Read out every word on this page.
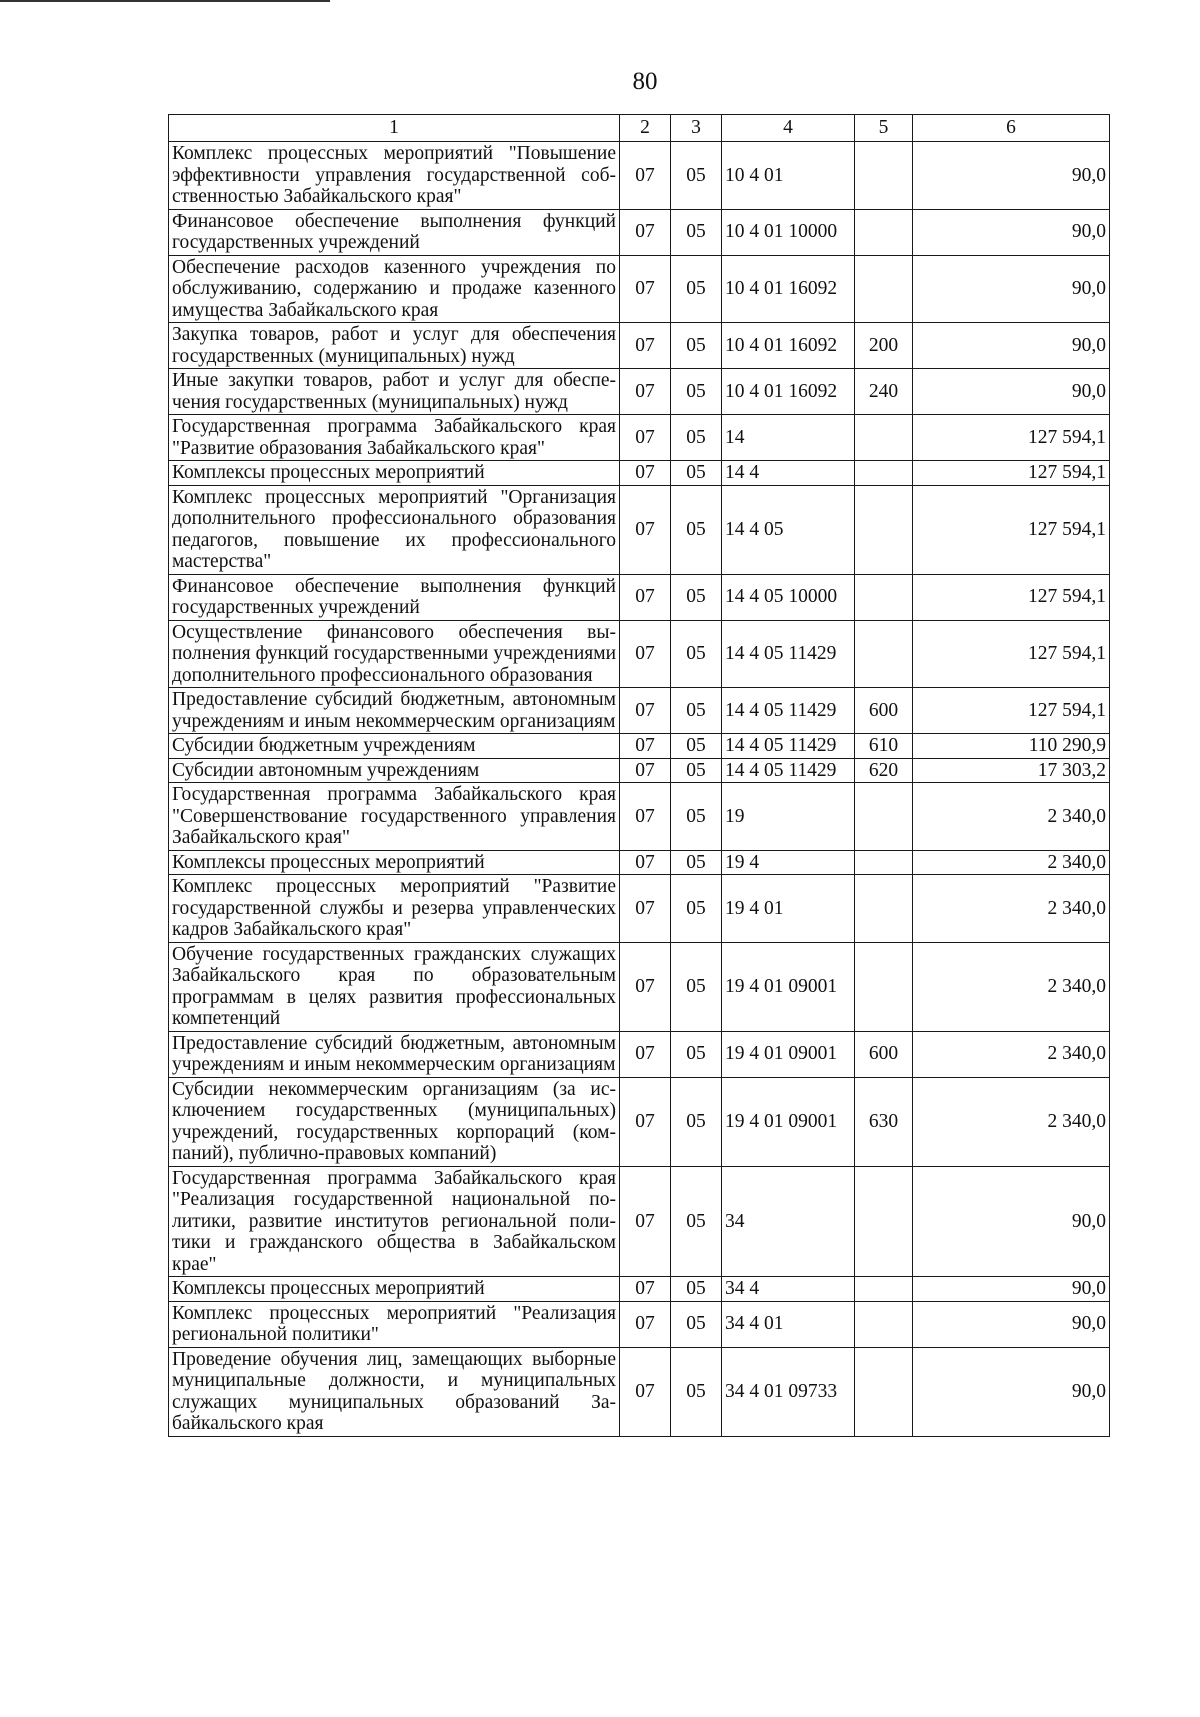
80
1	2	3	4	5	6
Комплекс процессных мероприятий "Повышение эффективности управления государственной собственностью Забайкальского края"	07	05	10 4 01		90,0
Финансовое обеспечение выполнения функций государственных учреждений	07	05	10 4 01 10000		90,0
Обеспечение расходов казенного учреждения по обслуживанию, содержанию и продаже казенного имущества Забайкальского края	07	05	10 4 01 16092		90,0
Закупка товаров, работ и услуг для обеспечения государственных (муниципальных) нужд	07	05	10 4 01 16092	200	90,0
Иные закупки товаров, работ и услуг для обеспечения государственных (муниципальных) нужд	07	05	10 4 01 16092	240	90,0
Государственная программа Забайкальского края "Развитие образования Забайкальского края"	07	05	14		127 594,1
Комплексы процессных мероприятий	07	05	14 4		127 594,1
Комплекс процессных мероприятий "Организация дополнительного профессионального образования педагогов, повышение их профессионального мастерства"	07	05	14 4 05		127 594,1
Финансовое обеспечение выполнения функций государственных учреждений	07	05	14 4 05 10000		127 594,1
Осуществление финансового обеспечения выполнения функций государственными учреждениями дополнительного профессионального образования	07	05	14 4 05 11429		127 594,1
Предоставление субсидий бюджетным, автономным учреждениям и иным некоммерческим организациям	07	05	14 4 05 11429	600	127 594,1
Субсидии бюджетным учреждениям	07	05	14 4 05 11429	610	110 290,9
Субсидии автономным учреждениям	07	05	14 4 05 11429	620	17 303,2
Государственная программа Забайкальского края "Совершенствование государственного управления Забайкальского края"	07	05	19		2 340,0
Комплексы процессных мероприятий	07	05	19 4		2 340,0
Комплекс процессных мероприятий "Развитие государственной службы и резерва управленческих кадров Забайкальского края"	07	05	19 4 01		2 340,0
Обучение государственных гражданских служащих Забайкальского края по образовательным программам в целях развития профессиональных компетенций	07	05	19 4 01 09001		2 340,0
Предоставление субсидий бюджетным, автономным учреждениям и иным некоммерческим организациям	07	05	19 4 01 09001	600	2 340,0
Субсидии некоммерческим организациям (за исключением государственных (муниципальных) учреждений, государственных корпораций (компаний), публично-правовых компаний)	07	05	19 4 01 09001	630	2 340,0
Государственная программа Забайкальского края "Реализация государственной национальной политики, развитие институтов региональной политики и гражданского общества в Забайкальском крае"	07	05	34		90,0
Комплексы процессных мероприятий	07	05	34 4		90,0
Комплекс процессных мероприятий "Реализация региональной политики"	07	05	34 4 01		90,0
Проведение обучения лиц, замещающих выборные муниципальные должности, и муниципальных служащих муниципальных образований Забайкальского края	07	05	34 4 01 09733		90,0
